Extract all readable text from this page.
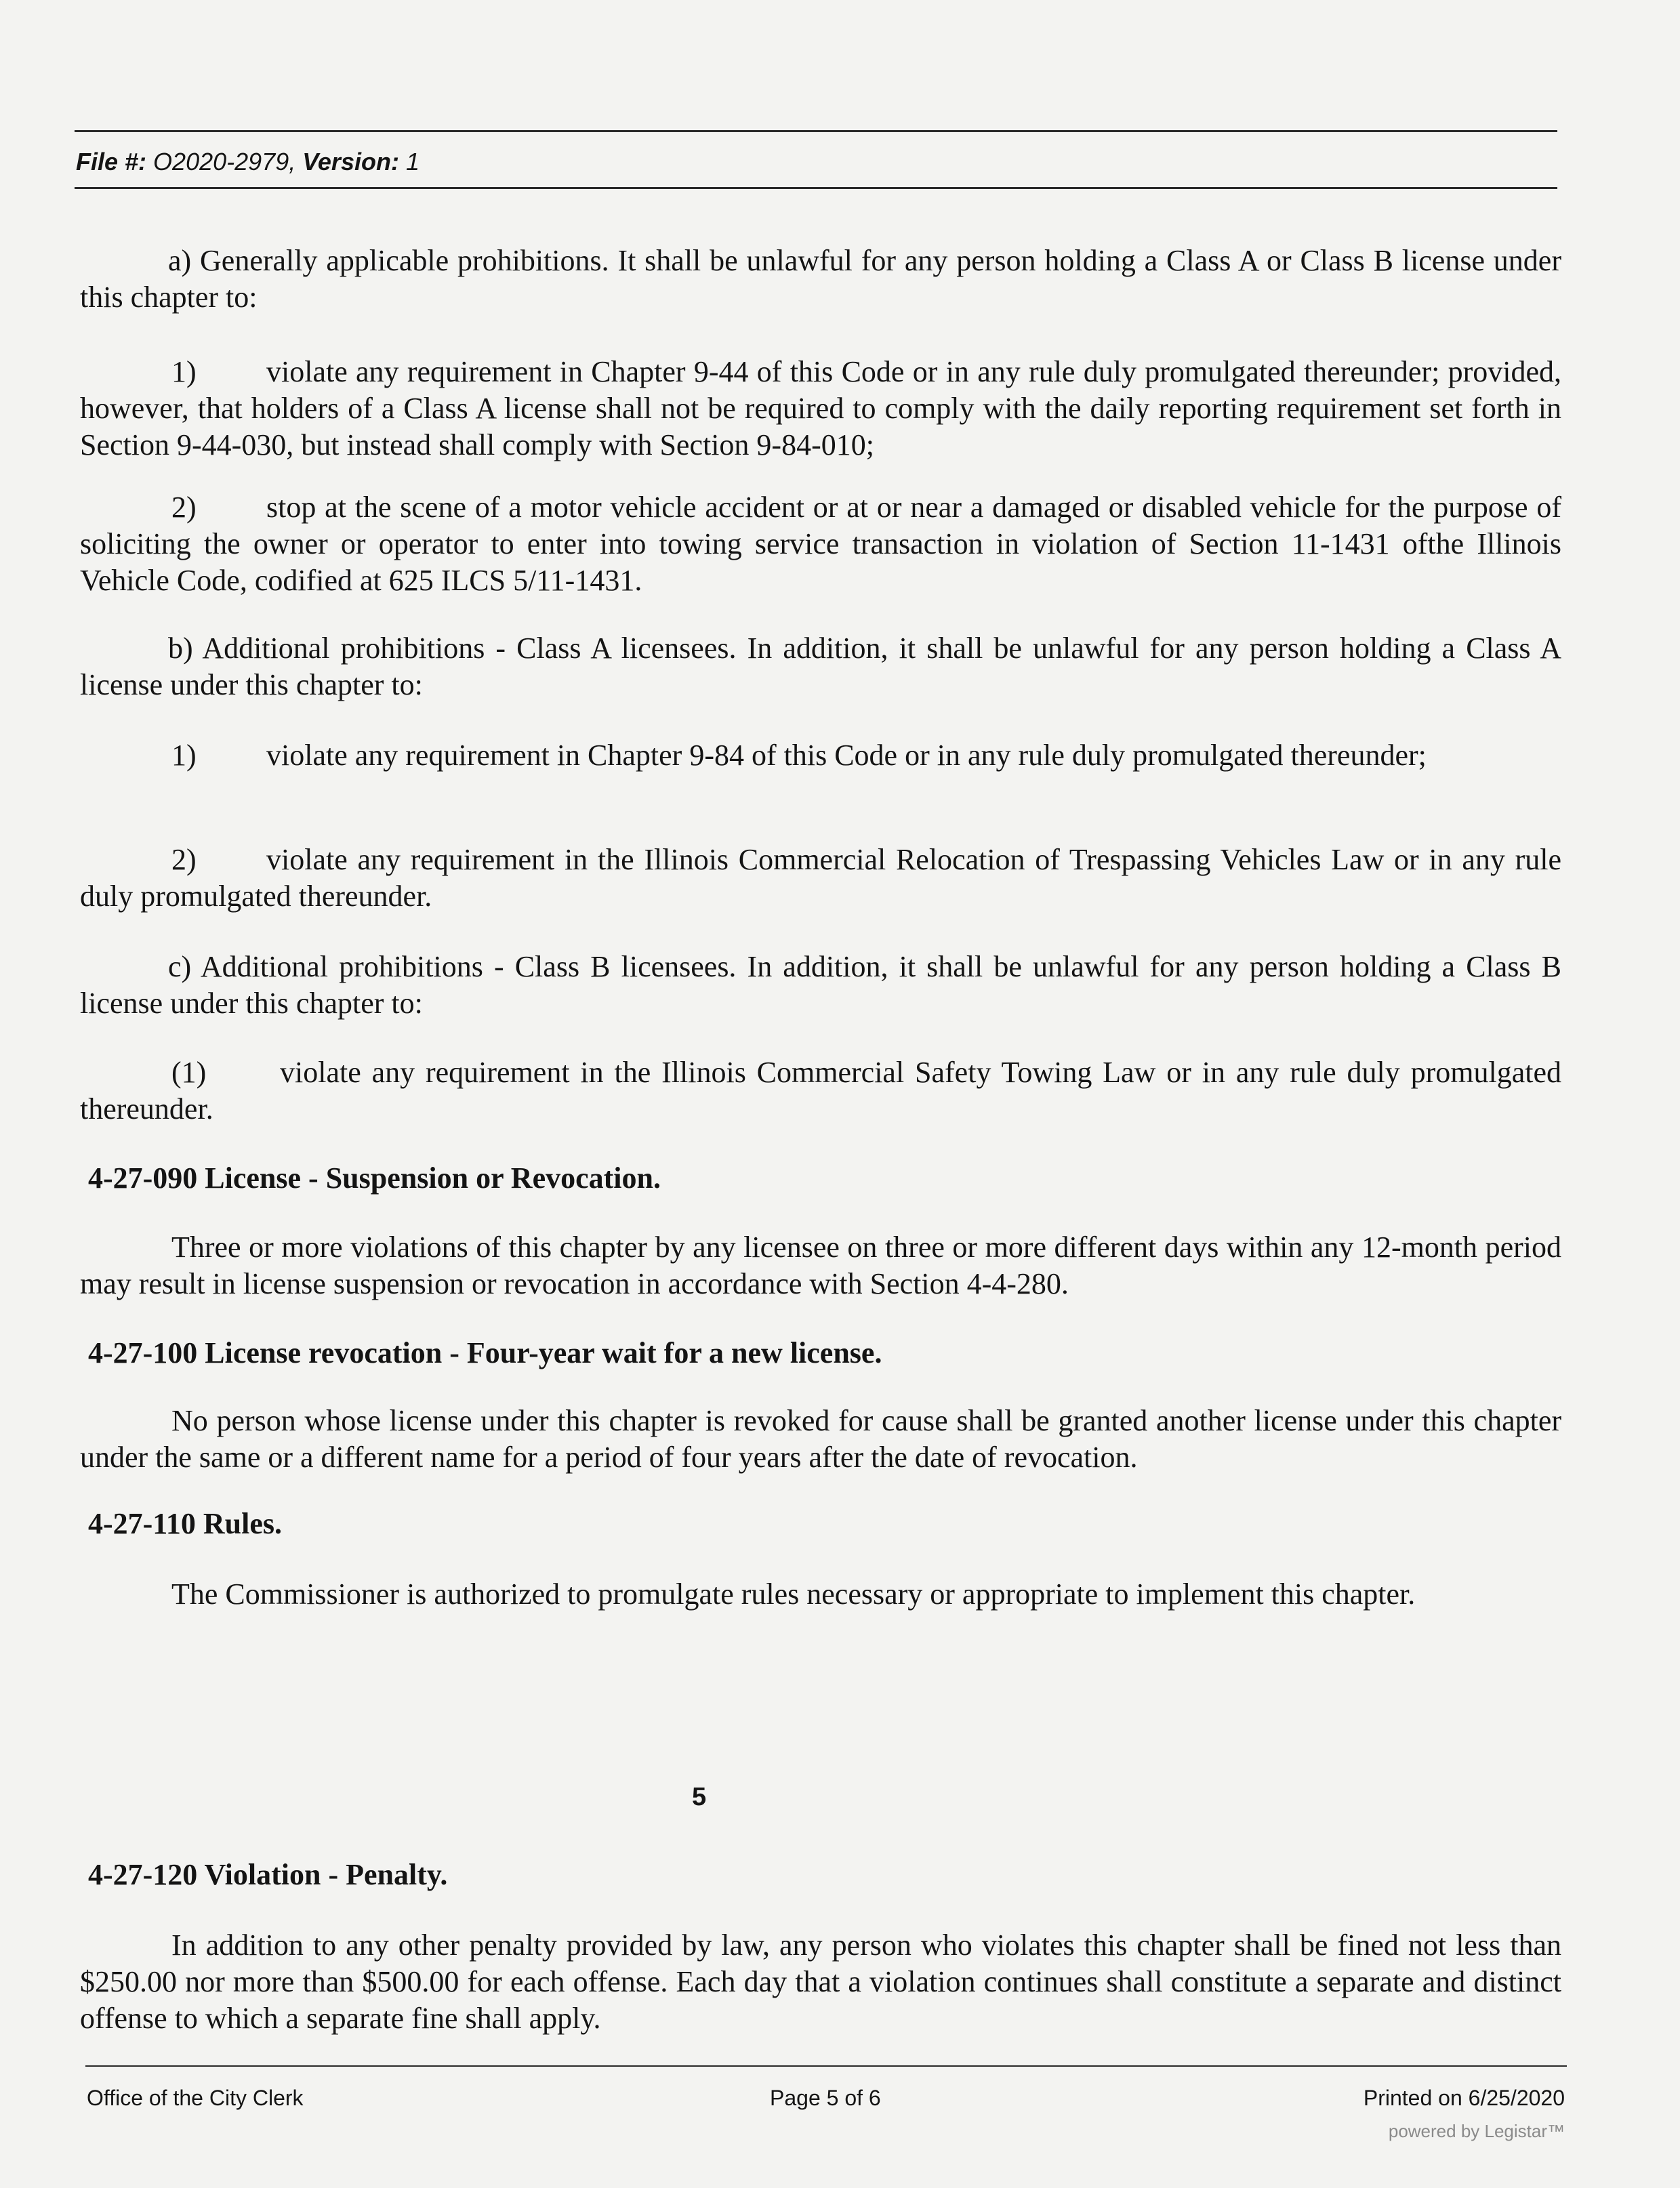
File #: O2020-2979, Version: 1

a) Generally applicable prohibitions. It shall be unlawful for any person holding a Class A or Class B license under this chapter to:

1) violate any requirement in Chapter 9-44 of this Code or in any rule duly promulgated thereunder; provided, however, that holders of a Class A license shall not be required to comply with the daily reporting requirement set forth in Section 9-44-030, but instead shall comply with Section 9-84-010;

2) stop at the scene of a motor vehicle accident or at or near a damaged or disabled vehicle for the purpose of soliciting the owner or operator to enter into towing service transaction in violation of Section 11-1431 ofthe Illinois Vehicle Code, codified at 625 ILCS 5/11-1431.

b) Additional prohibitions - Class A licensees. In addition, it shall be unlawful for any person holding a Class A license under this chapter to:

1) violate any requirement in Chapter 9-84 of this Code or in any rule duly promulgated thereunder;

2) violate any requirement in the Illinois Commercial Relocation of Trespassing Vehicles Law or in any rule duly promulgated thereunder.

c) Additional prohibitions - Class B licensees. In addition, it shall be unlawful for any person holding a Class B license under this chapter to:

(1) violate any requirement in the Illinois Commercial Safety Towing Law or in any rule duly promulgated thereunder.

4-27-090 License - Suspension or Revocation.

Three or more violations of this chapter by any licensee on three or more different days within any 12-month period may result in license suspension or revocation in accordance with Section 4-4-280.

4-27-100 License revocation - Four-year wait for a new license.

No person whose license under this chapter is revoked for cause shall be granted another license under this chapter under the same or a different name for a period of four years after the date of revocation.

4-27-110 Rules.

The Commissioner is authorized to promulgate rules necessary or appropriate to implement this chapter.

4-27-120 Violation - Penalty.

In addition to any other penalty provided by law, any person who violates this chapter shall be fined not less than $250.00 nor more than $500.00 for each offense. Each day that a violation continues shall constitute a separate and distinct offense to which a separate fine shall apply.

5
Office of the City Clerk	Page 5 of 6	Printed on 6/25/2020
powered by Legistar™
